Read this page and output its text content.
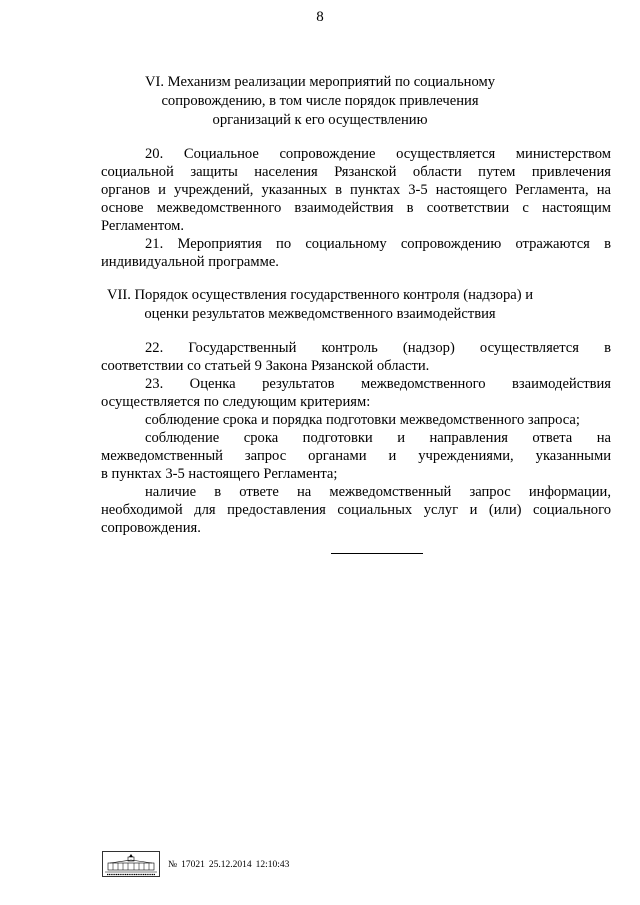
8
VI. Механизм реализации мероприятий по социальному
сопровождению, в том числе порядок привлечения
организаций к его осуществлению
20. Социальное сопровождение осуществляется министерством
социальной защиты населения Рязанской области путем привлечения
органов и учреждений, указанных в пунктах 3-5 настоящего Регламента, на
основе межведомственного взаимодействия в соответствии с настоящим
Регламентом.
21. Мероприятия по социальному сопровождению отражаются в
индивидуальной программе.
VII. Порядок осуществления государственного контроля (надзора) и
оценки результатов межведомственного взаимодействия
22. Государственный контроль (надзор) осуществляется в
соответствии со статьей 9 Закона Рязанской области.
23. Оценка результатов межведомственного взаимодействия
осуществляется по следующим критериям:
соблюдение срока и порядка подготовки межведомственного запроса;
соблюдение срока подготовки и направления ответа на
межведомственный запрос органами и учреждениями, указанными
в пунктах 3-5 настоящего Регламента;
наличие в ответе на межведомственный запрос информации,
необходимой для предоставления социальных услуг и (или) социального
сопровождения.
№ 17021 25.12.2014 12:10:43
